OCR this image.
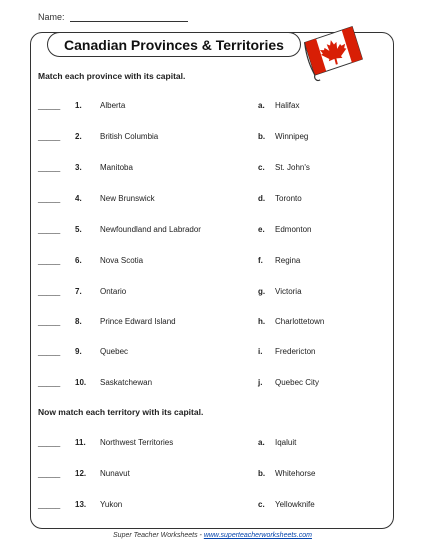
Name:
Canadian Provinces & Territories
Match each province with its capital.
_____ 1. Alberta	a. Halifax
_____ 2. British Columbia	b. Winnipeg
_____ 3. Manitoba	c. St. John's
_____ 4. New Brunswick	d. Toronto
_____ 5. Newfoundland and Labrador	e. Edmonton
_____ 6. Nova Scotia	f. Regina
_____ 7. Ontario	g. Victoria
_____ 8. Prince Edward Island	h. Charlottetown
_____ 9. Quebec	i. Fredericton
_____ 10. Saskatchewan	j. Quebec City
Now match each territory with its capital.
_____ 11. Northwest Territories	a. Iqaluit
_____ 12. Nunavut	b. Whitehorse
_____ 13. Yukon	c. Yellowknife
Super Teacher Worksheets - www.superteacherworksheets.com
